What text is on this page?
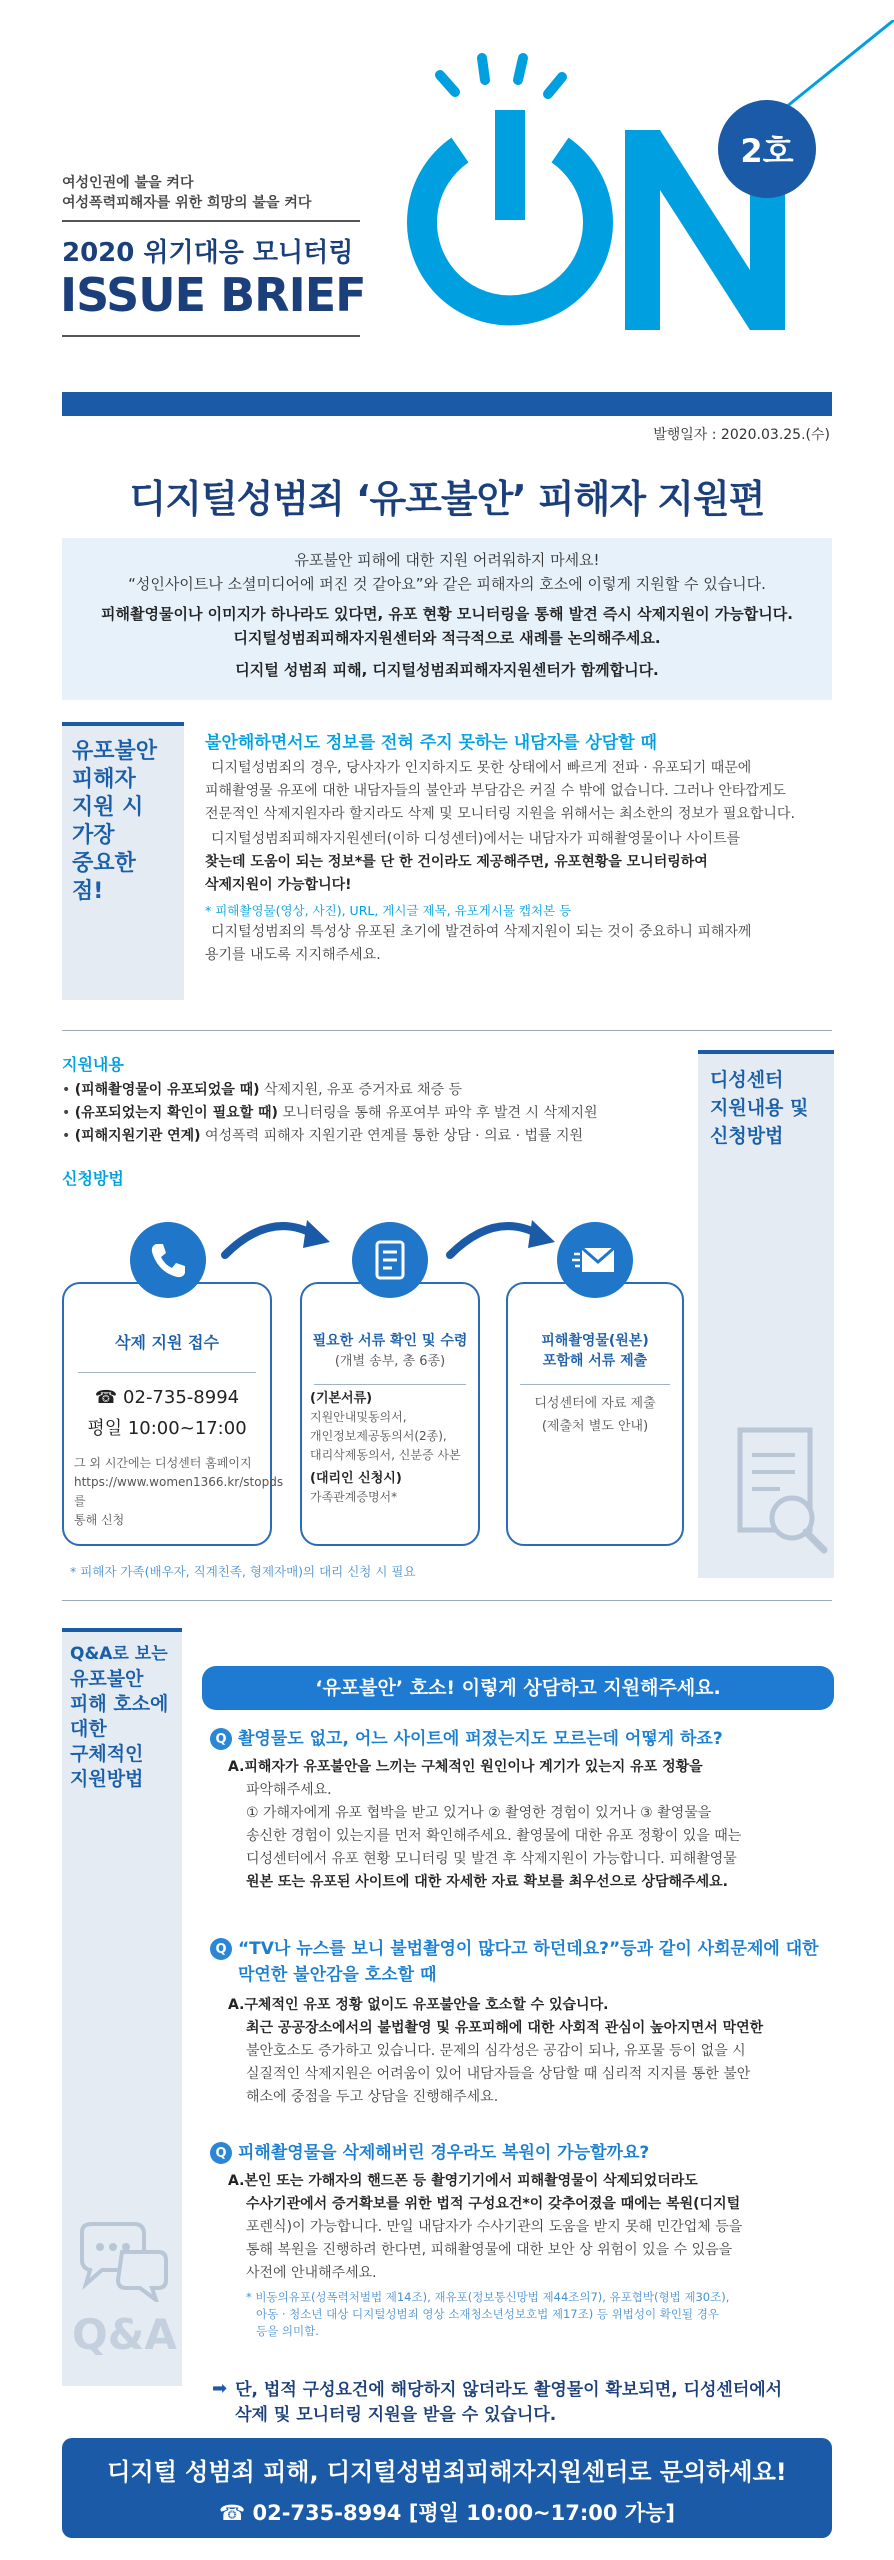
여성인권에 불을 켜다
여성폭력피해자를 위한 희망의 불을 켜다
2020 위기대응 모니터링
ISSUE BRIEF
2호
발행일자 : 2020.03.25.(수)
디지털성범죄 ‘유포불안’ 피해자 지원편
유포불안 피해에 대한 지원 어려워하지 마세요!
“성인사이트나 소셜미디어에 퍼진 것 같아요”와 같은 피해자의 호소에 이렇게 지원할 수 있습니다.
피해촬영물이나 이미지가 하나라도 있다면, 유포 현황 모니터링을 통해 발견 즉시 삭제지원이 가능합니다.
디지털성범죄피해자지원센터와 적극적으로 새례를 논의해주세요.
디지털 성범죄 피해, 디지털성범죄피해자지원센터가 함께합니다.
유포불안
피해자
지원 시
가장
중요한 점!
불안해하면서도 정보를 전혀 주지 못하는 내담자를 상담할 때
디지털성범죄의 경우, 당사자가 인지하지도 못한 상태에서 빠르게 전파 · 유포되기 때문에
피해촬영물 유포에 대한 내담자들의 불안과 부담감은 커질 수 밖에 없습니다. 그러나 안타깝게도
전문적인 삭제지원자라 할지라도 삭제 및 모니터링 지원을 위해서는 최소한의 정보가 필요합니다.
디지털성범죄피해자지원센터(이하 디성센터)에서는 내담자가 피해촬영물이나 사이트를
찾는데 도움이 되는 정보*를 단 한 건이라도 제공해주면, 유포현황을 모니터링하여
삭제지원이 가능합니다!
* 피해촬영물(영상, 사진), URL, 게시글 제목, 유포게시물 캡처본 등
디지털성범죄의 특성상 유포된 초기에 발견하여 삭제지원이 되는 것이 중요하니 피해자께
용기를 내도록 지지해주세요.
지원내용
• (피해촬영물이 유포되었을 때) 삭제지원, 유포 증거자료 채증 등
• (유포되었는지 확인이 필요할 때) 모니터링을 통해 유포여부 파악 후 발견 시 삭제지원
• (피해지원기관 연계) 여성폭력 피해자 지원기관 연계를 통한 상담 · 의료 · 법률 지원
신청방법
디성센터
지원내용 및
신청방법
삭제 지원 접수
☎ 02-735-8994
평일 10:00~17:00
그 외 시간에는 디성센터 홈페이지
https://www.women1366.kr/stopds를
통해 신청
필요한 서류 확인 및 수령
(개별 송부, 총 6종)
(기본서류)
지원안내및동의서,
개인정보제공동의서(2종),
대리삭제동의서, 신분증 사본
(대리인 신청시)
가족관계증명서*
피해촬영물(원본)
포함해 서류 제출
디성센터에 자료 제출
(제출처 별도 안내)
* 피해자 가족(배우자, 직계친족, 형제자매)의 대리 신청 시 필요
Q&A로 보는
유포불안
피해 호소에
대한
구체적인
지원방법
Q&A
‘유포불안’ 호소! 이렇게 상담하고 지원해주세요.
Q 촬영물도 없고, 어느 사이트에 퍼졌는지도 모르는데 어떻게 하죠?
A.피해자가 유포불안을 느끼는 구체적인 원인이나 계기가 있는지 유포 정황을
파악해주세요.
① 가해자에게 유포 협박을 받고 있거나 ② 촬영한 경험이 있거나 ③ 촬영물을
송신한 경험이 있는지를 먼저 확인해주세요. 촬영물에 대한 유포 정황이 있을 때는
디성센터에서 유포 현황 모니터링 및 발견 후 삭제지원이 가능합니다. 피해촬영물
원본 또는 유포된 사이트에 대한 자세한 자료 확보를 최우선으로 상담해주세요.
Q “TV나 뉴스를 보니 불법촬영이 많다고 하던데요?”등과 같이 사회문제에 대한
막연한 불안감을 호소할 때
A.구체적인 유포 정황 없이도 유포불안을 호소할 수 있습니다.
최근 공공장소에서의 불법촬영 및 유포피해에 대한 사회적 관심이 높아지면서 막연한
불안호소도 증가하고 있습니다. 문제의 심각성은 공감이 되나, 유포물 등이 없을 시
실질적인 삭제지원은 어려움이 있어 내담자들을 상담할 때 심리적 지지를 통한 불안
해소에 중점을 두고 상담을 진행해주세요.
Q 피해촬영물을 삭제해버린 경우라도 복원이 가능할까요?
A.본인 또는 가해자의 핸드폰 등 촬영기기에서 피해촬영물이 삭제되었더라도
수사기관에서 증거확보를 위한 법적 구성요건*이 갖추어졌을 때에는 복원(디지털
포렌식)이 가능합니다. 만일 내담자가 수사기관의 도움을 받지 못해 민간업체 등을
통해 복원을 진행하려 한다면, 피해촬영물에 대한 보안 상 위험이 있을 수 있음을
사전에 안내해주세요.
* 비동의유포(성폭력처벌법 제14조), 재유포(정보통신망법 제44조의7), 유포협박(형법 제30조),
아동 · 청소년 대상 디지털성범죄 영상 소재청소년성보호법 제17조) 등 위법성이 확인될 경우
등을 의미함.
➡ 단, 법적 구성요건에 해당하지 않더라도 촬영물이 확보되면, 디성센터에서
삭제 및 모니터링 지원을 받을 수 있습니다.
디지털 성범죄 피해, 디지털성범죄피해자지원센터로 문의하세요!
☎ 02-735-8994 [평일 10:00~17:00 가능]
